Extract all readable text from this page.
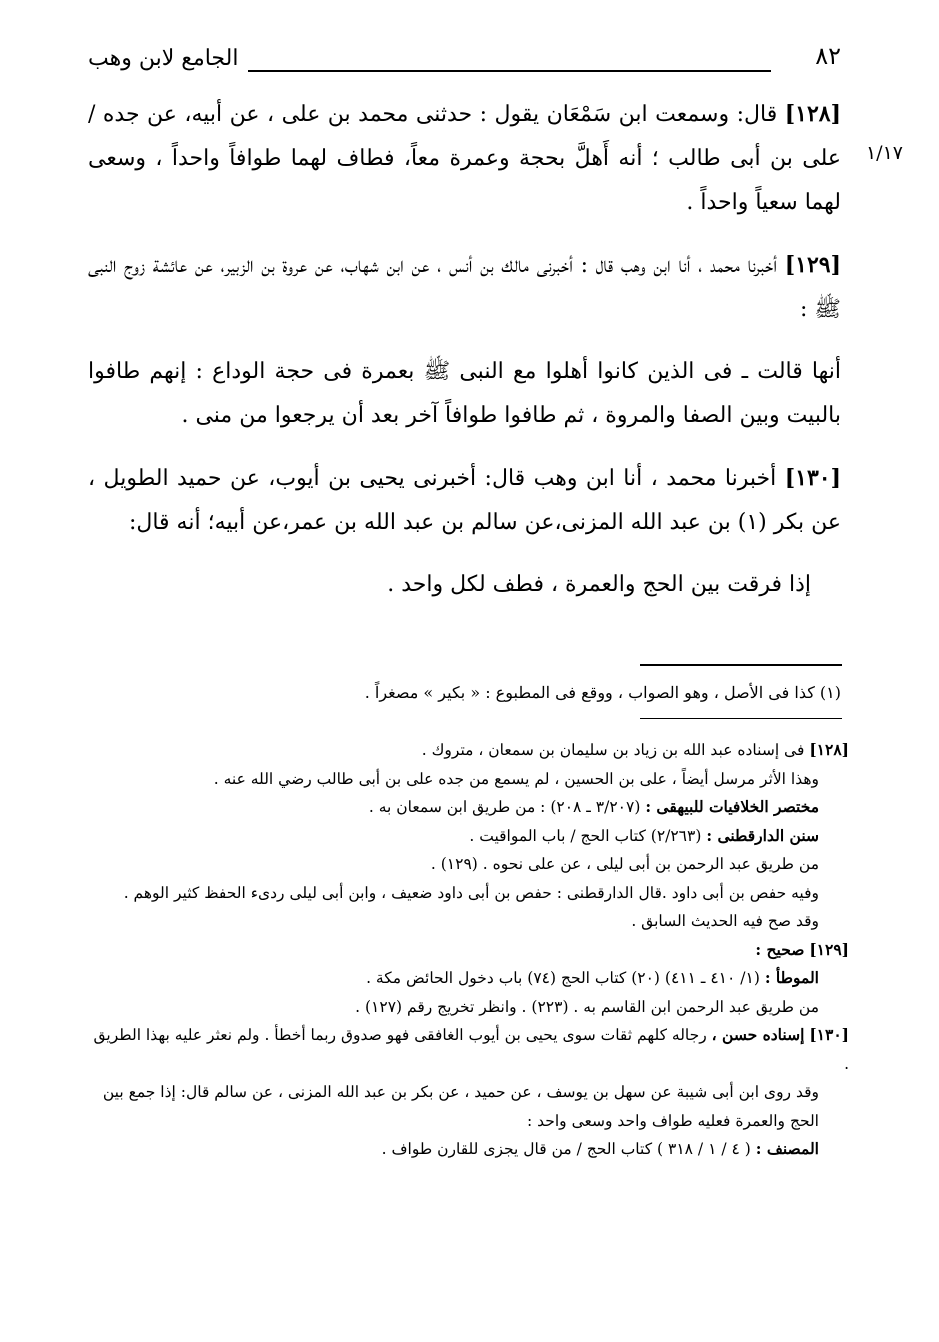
٨٢
الجامع لابن وهب
١/١٧

[١٢٨] قال: وسمعت ابن سَمْعَان يقول : حدثنى محمد بن على ، عن أبيه، عن جده / على بن أبى طالب ؛ أنه أَهلَّ بحجة وعمرة معاً، فطاف لهما طوافاً واحداً ، وسعى لهما سعياً واحداً .

[١٢٩] أخبرنا محمد ، أنا ابن وهب قال : أخبرنى مالك بن أنس ، عن ابن شهاب، عن عروة بن الزبير، عن عائشة زوج النبى ﷺ :

أنها قالت ـ فى الذين كانوا أهلوا مع النبى ﷺ بعمرة فى حجة الوداع : إنهم طافوا بالبيت وبين الصفا والمروة ، ثم طافوا طوافاً آخر بعد أن يرجعوا من منى .

[١٣٠] أخبرنا محمد ، أنا ابن وهب قال: أخبرنى يحيى بن أيوب، عن حميد الطويل ، عن بكر (١) بن عبد الله المزنى،عن سالم بن عبد الله بن عمر،عن أبيه؛ أنه قال:

إذا فرقت بين الحج والعمرة ، فطف لكل واحد .

(١) كذا فى الأصل ، وهو الصواب ، ووقع فى المطبوع : « بكير » مصغراً .

[١٢٨] فى إسناده عبد الله بن زياد بن سليمان بن سمعان ، متروك .

وهذا الأثر مرسل أيضاً ، على بن الحسين ، لم يسمع من جده على بن أبى طالب رضي الله عنه .

مختصر الخلافيات للبيهقى : (٣/٢٠٧ ـ ٢٠٨) : من طريق ابن سمعان به .

سنن الدارقطنى : (٢/٢٦٣) كتاب الحج / باب المواقيت .

من طريق عبد الرحمن بن أبى ليلى ، عن على نحوه . (١٢٩) .

وفيه حفص بن أبى داود .قال الدارقطنى : حفص بن أبى داود ضعيف ، وابن أبى ليلى ردىء الحفظ كثير الوهم .

وقد صح فيه الحديث السابق .

[١٢٩] صحيح :

الموطأ : (١/ ٤١٠ ـ ٤١١) (٢٠) كتاب الحج (٧٤) باب دخول الحائض مكة .

من طريق عبد الرحمن ابن القاسم به . (٢٢٣) . وانظر تخريج رقم (١٢٧) .

[١٣٠] إسناده حسن ، رجاله كلهم ثقات سوى يحيى بن أيوب الغافقى فهو صدوق ربما أخطأ . ولم نعثر عليه بهذا الطريق .

وقد روى ابن أبى شيبة عن سهل بن يوسف ، عن حميد ، عن بكر بن عبد الله المزنى ، عن سالم قال: إذا جمع بين الحج والعمرة فعليه طواف واحد وسعى واحد :

المصنف : ( ٤ / ١ / ٣١٨ ) كتاب الحج / من قال يجزى للقارن طواف .
